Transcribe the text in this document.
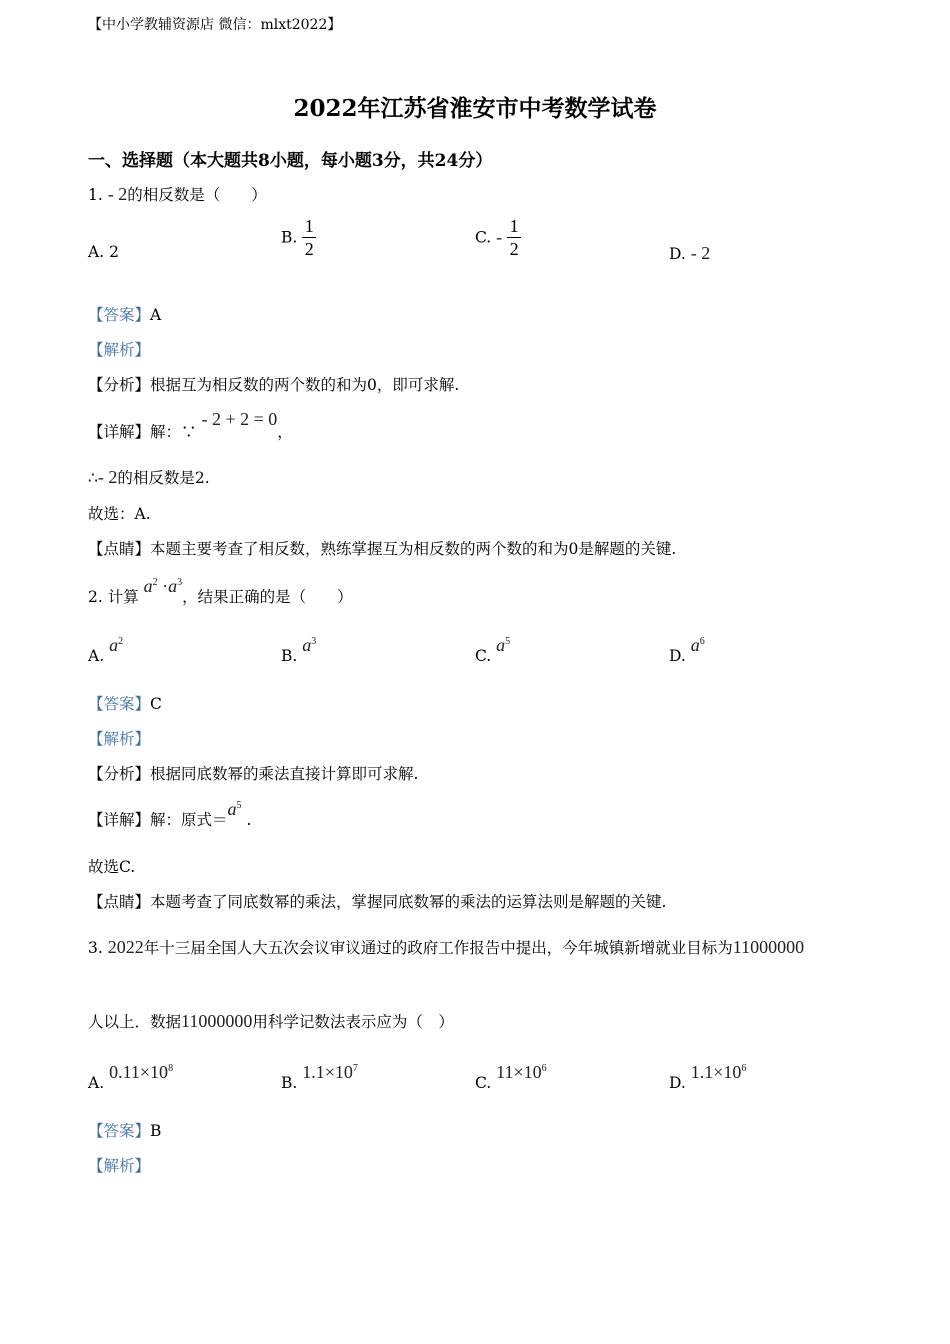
【中小学教辅资源店 微信：mlxt2022】
2022年江苏省淮安市中考数学试卷
一、选择题（本大题共8小题，每小题3分，共24分）
1. - 2的相反数是（　　）
A. 2
B. $\frac{1}{2}$	C. - $\frac{1}{2}$	D. - 2
【答案】A
【解析】
【分析】根据互为相反数的两个数的和为0，即可求解.
【详解】解：∵ - 2 + 2 = 0，
∴- 2的相反数是2.
故选：A.
【点睛】本题主要考查了相反数，熟练掌握互为相反数的两个数的和为0是解题的关键.
2. 计算 $a^2 \cdot a^3$，结果正确的是（　　）
A. $a^2$
B. $a^3$
C. $a^5$
D. $a^6$
【答案】C
【解析】
【分析】根据同底数幂的乘法直接计算即可求解.
【详解】解：原式$=a^5$ .
故选C.
【点睛】本题考查了同底数幂的乘法，掌握同底数幂的乘法的运算法则是解题的关键.
3. 2022年十三届全国人大五次会议审议通过的政府工作报告中提出，今年城镇新增就业目标为11000000
人以上．数据11000000用科学记数法表示应为（　）
A. $0.11\times 10^8$
B. $1.1\times 10^7$
C. $11\times 10^6$
D. $1.1\times 10^6$
【答案】B
【解析】
